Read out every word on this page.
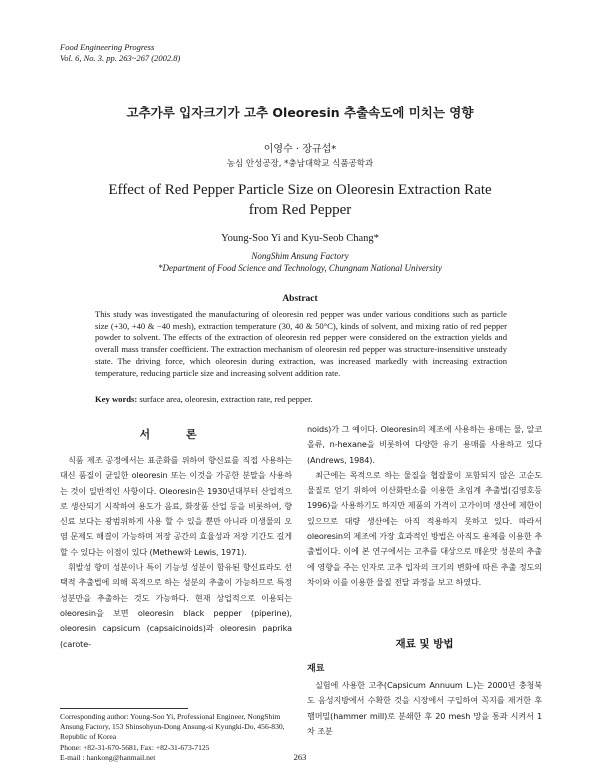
Food Engineering Progress
Vol. 6, No. 3. pp. 263~267 (2002.8)
고추가루 입자크기가 고추 Oleoresin 추출속도에 미치는 영향
이영수 · 장규섭*
농심 안성공장, *충남대학교 식품공학과
Effect of Red Pepper Particle Size on Oleoresin Extraction Rate from Red Pepper
Young-Soo Yi and Kyu-Seob Chang*
NongShim Ansung Factory
*Department of Food Science and Technology, Chungnam National University
Abstract
This study was investigated the manufacturing of oleoresin red pepper was under various conditions such as particle size (+30, +40 & −40 mesh), extraction temperature (30, 40 & 50°C), kinds of solvent, and mixing ratio of red pepper powder to solvent. The effects of the extraction of oleoresin red pepper were considered on the extraction yields and overall mass transfer coefficient. The extraction mechanism of oleoresin red pepper was structure-insensitive unsteady state. The driving force, which oleoresin during extraction, was increased markedly with increasing extraction temperature, reducing particle size and increasing solvent addition rate.
Key words: surface area, oleoresin, extraction rate, red pepper.
서 론

식품 제조 공정에서는 표준화를 위하여 향신료를 직접 사용하는 대신 품질이 균일한 oleoresin 또는 이것을 가공한 분말을 사용하는 것이 일반적인 사항이다. Oleoresin은 1930년대부터 산업적으로 생산되기 시작하여 용도가 음료, 화장품 산업 등을 비롯하여, 향신료 보다는 광범위하게 사용 할 수 있을 뿐만 아니라 미생물의 오염 문제도 해결이 가능하며 저장 공간의 효율성과 저장 기간도 길게 할 수 있다는 이점이 있다 (Methew와 Lewis, 1971).

휘발성 향미 성분이나 특이 기능성 성분이 함유된 향신료라도 선택적 추출법에 의해 목적으로 하는 성분의 추출이 가능하므로 특정 성분만을 추출하는 것도 가능하다. 현재 상업적으로 이용되는 oleoresin을 보면 oleoresin black pepper (piperine), oleoresin capsicum (capsaicinoids)과 oleoresin paprika (carote-

noids)가 그 예이다. Oleoresin의 제조에 사용하는 용매는 물, 알코올류, n-hexane을 비롯하여 다양한 유기 용매를 사용하고 있다(Andrews, 1984).

최근에는 목적으로 하는 물질을 협잡물이 포함되지 않은 고순도 물질로 얻기 위하여 이산화탄소를 이용한 초임계 추출법(김영호등 1996)을 사용하기도 하지만 제품의 가격이 고가이며 생산에 제한이 있으므로 대량 생산에는 아직 적용하지 못하고 있다. 따라서 oleoresin의 제조에 가장 효과적인 방법은 아직도 용제를 이용한 추출법이다. 이에 본 연구에서는 고추를 대상으로 매운맛 성분의 추출에 영향을 주는 인자로 고추 입자의 크기의 변화에 따른 추출 정도의 차이와 이를 이용한 물질 전달 과정을 보고 하였다.

재료 및 방법
재료

실험에 사용한 고추(Capsicum Annuum L.)는 2000년 충청북도 음성지방에서 수확한 것을 시장에서 구입하여 꼭지를 제거한 후 햄머밀(hammer mill)로 분쇄한 후 20 mesh 망을 통과 시켜서 1차 조분

Corresponding author: Young-Soo Yi, Professional Engineer, NongShim Ansung Factory, 153 Shinsohyun-Dong Ansung-si Kyungki-Do, 456-830, Republic of Korea
Phone: +82-31-670-5681, Fax: +82-31-673-7125
E-mail : hankong@hanmail.net	263
